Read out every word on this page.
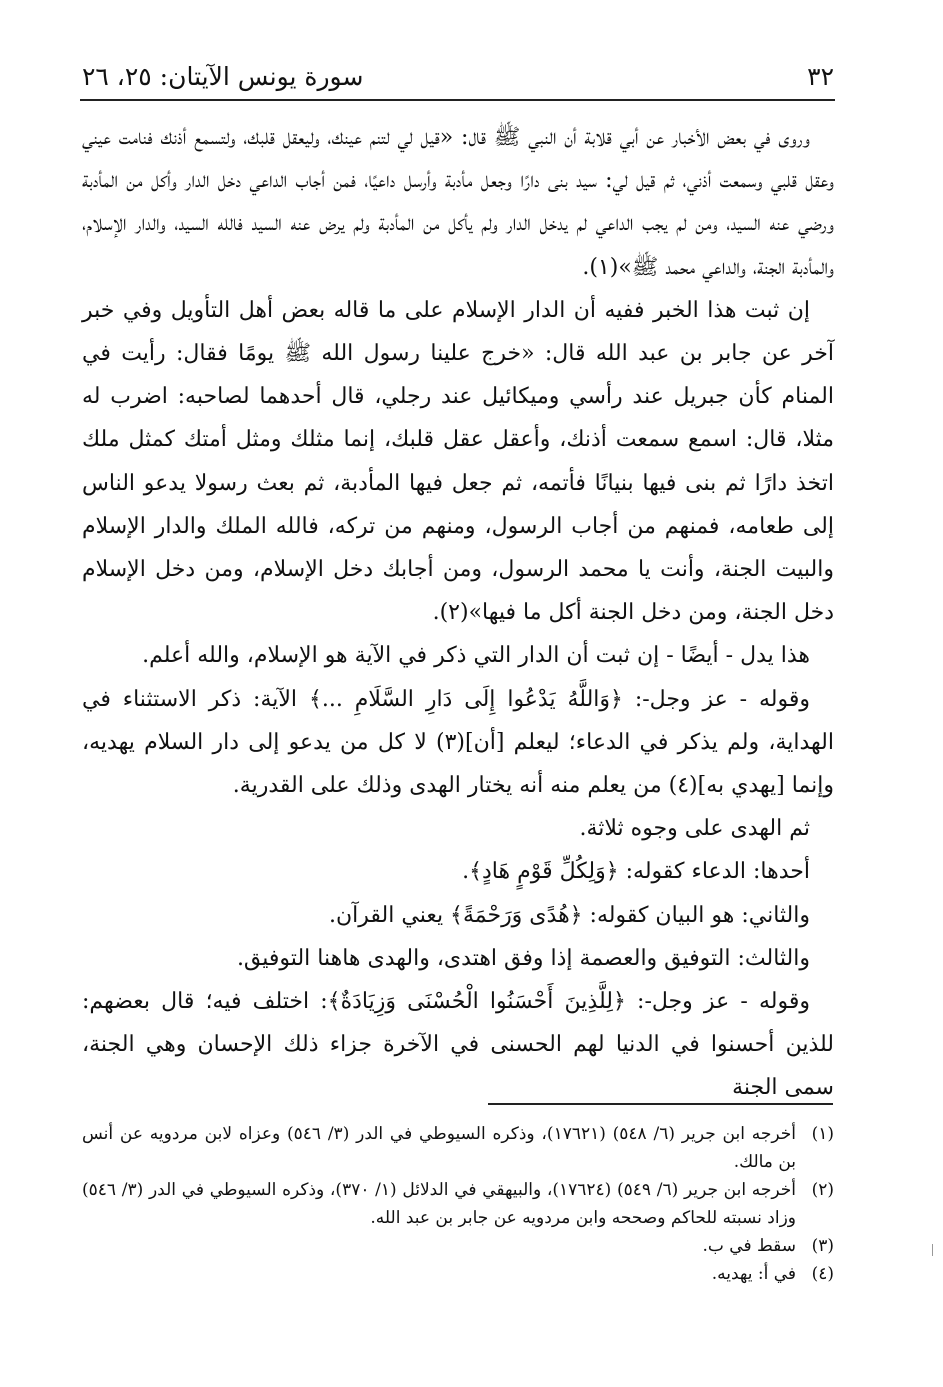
٣٢
سورة يونس الآيتان: ٢٥، ٢٦

وروى في بعض الأخبار عن أبي قلابة أن النبي ﷺ قال: «قيل لي لتنم عينك، وليعقل قلبك، ولتسمع أذنك فنامت عيني وعقل قلبي وسمعت أذني، ثم قيل لي: سيد بنى دارًا وجعل مأدبة وأرسل داعيًا، فمن أجاب الداعي دخل الدار وأكل من المأدبة ورضي عنه السيد، ومن لم يجب الداعي لم يدخل الدار ولم يأكل من المأدبة ولم يرض عنه السيد فالله السيد، والدار الإسلام، والمأدبة الجنة، والداعي محمد ﷺ»(١).

إن ثبت هذا الخبر ففيه أن الدار الإسلام على ما قاله بعض أهل التأويل وفي خبر آخر عن جابر بن عبد الله قال: «خرج علينا رسول الله ﷺ يومًا فقال: رأيت في المنام كأن جبريل عند رأسي وميكائيل عند رجلي، قال أحدهما لصاحبه: اضرب له مثلا، قال: اسمع سمعت أذنك، وأعقل عقل قلبك، إنما مثلك ومثل أمتك كمثل ملك اتخذ دارًا ثم بنى فيها بنيانًا فأتمه، ثم جعل فيها المأدبة، ثم بعث رسولا يدعو الناس إلى طعامه، فمنهم من أجاب الرسول، ومنهم من تركه، فالله الملك والدار الإسلام والبيت الجنة، وأنت يا محمد الرسول، ومن أجابك دخل الإسلام، ومن دخل الإسلام دخل الجنة، ومن دخل الجنة أكل ما فيها»(٢).

هذا يدل - أيضًا - إن ثبت أن الدار التي ذكر في الآية هو الإسلام، والله أعلم.

وقوله - عز وجل-: ﴿وَاللَّهُ يَدْعُوا إِلَى دَارِ السَّلَامِ ...﴾ الآية: ذكر الاستثناء في الهداية، ولم يذكر في الدعاء؛ ليعلم [أن](٣) لا كل من يدعو إلى دار السلام يهديه، وإنما [يهدي به](٤) من يعلم منه أنه يختار الهدى وذلك على القدرية.

ثم الهدى على وجوه ثلاثة.

أحدها: الدعاء كقوله: ﴿وَلِكُلِّ قَوْمٍ هَادٍ﴾.

والثاني: هو البيان كقوله: ﴿هُدًى وَرَحْمَةً﴾ يعني القرآن.

والثالث: التوفيق والعصمة إذا وفق اهتدى، والهدى هاهنا التوفيق.

وقوله - عز وجل-: ﴿لِلَّذِينَ أَحْسَنُوا الْحُسْنَى وَزِيَادَةٌ﴾: اختلف فيه؛ قال بعضهم: للذين أحسنوا في الدنيا لهم الحسنى في الآخرة جزاء ذلك الإحسان وهي الجنة، سمى الجنة

(١)
أخرجه ابن جرير (٦/ ٥٤٨) (١٧٦٢١)، وذكره السيوطي في الدر (٣/ ٥٤٦) وعزاه لابن مردويه عن أنس بن مالك.
(٢)
أخرجه ابن جرير (٦/ ٥٤٩) (١٧٦٢٤)، والبيهقي في الدلائل (١/ ٣٧٠)، وذكره السيوطي في الدر (٣/ ٥٤٦) وزاد نسبته للحاكم وصححه وابن مردويه عن جابر بن عبد الله.
(٣)
سقط في ب.
(٤)
في أ: يهديه.
